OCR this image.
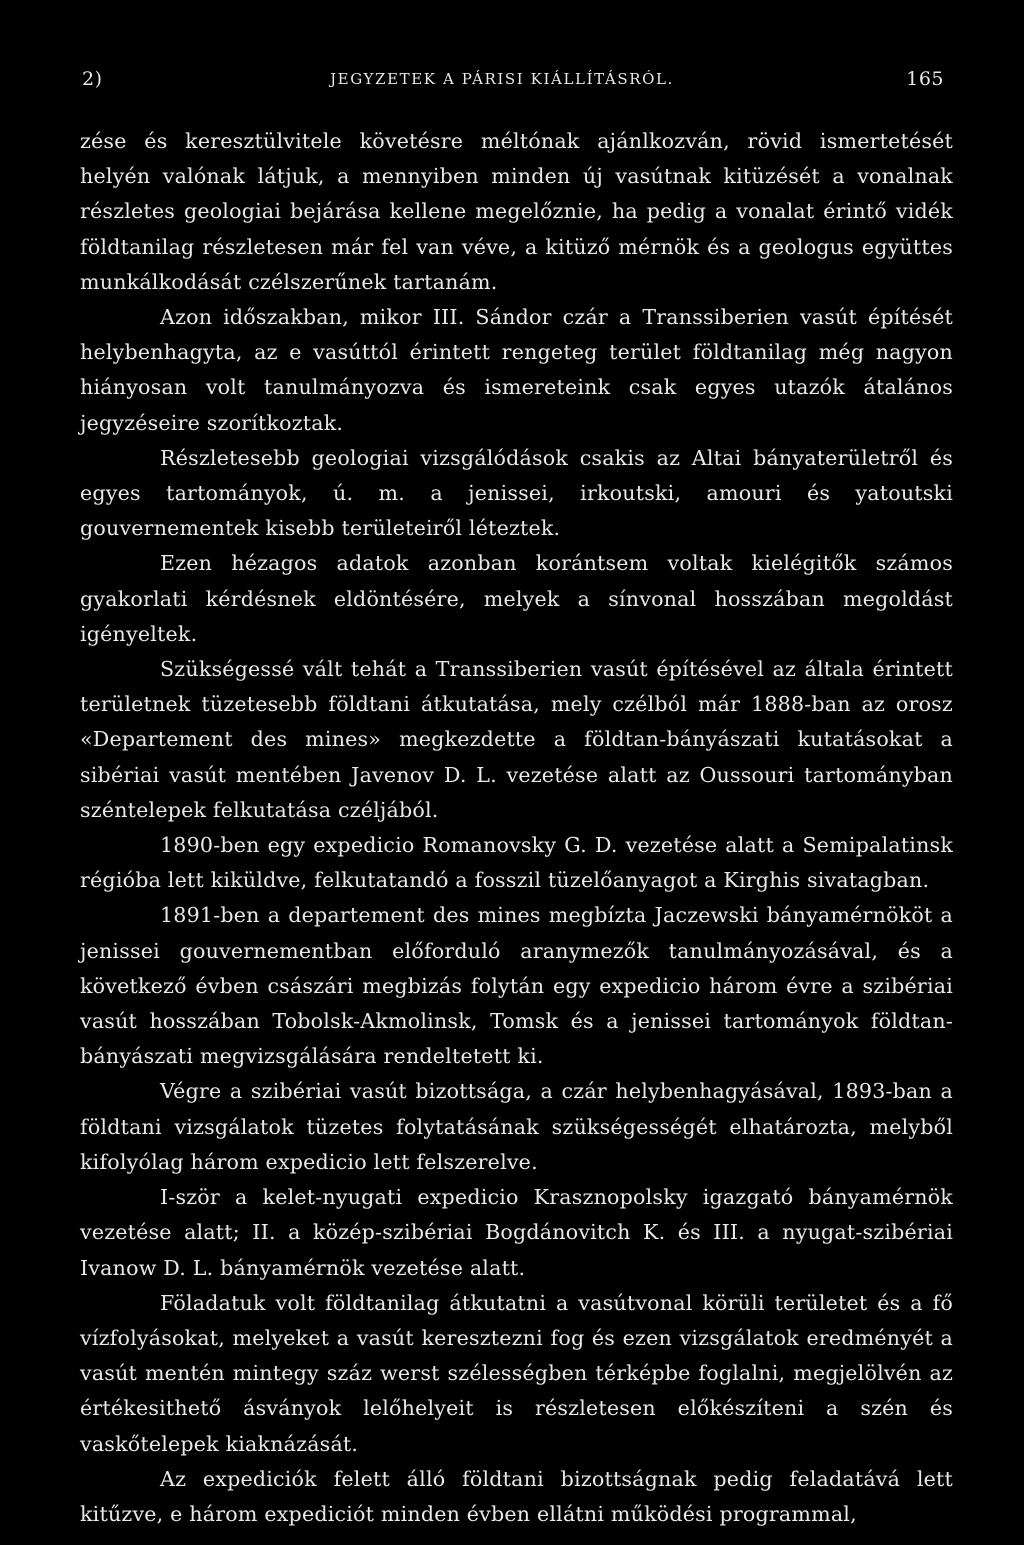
2)	JEGYZETEK A PÁRISI KIÁLLÍTÁSRÓL.	165

zése és keresztülvitele követésre méltónak ajánlkozván, rövid ismertetését helyén valónak látjuk, a mennyiben minden új vasútnak kitüzését a vonalnak részletes geologiai bejárása kellene megelőznie, ha pedig a vonalat érintő vidék földtanilag részletesen már fel van véve, a kitüző mérnök és a geologus együttes munkálkodását czélszerűnek tartanám.

Azon időszakban, mikor III. Sándor czár a Transsiberien vasút építését helybenhagyta, az e vasúttól érintett rengeteg terület földtanilag még nagyon hiányosan volt tanulmányozva és ismereteink csak egyes utazók átalános jegyzéseire szorítkoztak.

Részletesebb geologiai vizsgálódások csakis az Altai bányaterületről és egyes tartományok, ú. m. a jenissei, irkoutski, amouri és yatoutski gouvernementek kisebb területeiről léteztek.

Ezen hézagos adatok azonban korántsem voltak kielégitők számos gyakorlati kérdésnek eldöntésére, melyek a sínvonal hosszában megoldást igényeltek.

Szükségessé vált tehát a Transsiberien vasút építésével az általa érintett területnek tüzetesebb földtani átkutatása, mely czélból már 1888-ban az orosz «Departement des mines» megkezdette a földtan-bányászati kutatásokat a sibériai vasút mentében Javenov D. L. vezetése alatt az Oussouri tartományban széntelepek felkutatása czéljából.

1890-ben egy expedicio Romanovsky G. D. vezetése alatt a Semipalatinsk régióba lett kiküldve, felkutatandó a fosszil tüzelőanyagot a Kirghis sivatagban.

1891-ben a departement des mines megbízta Jaczewski bányamérnököt a jenissei gouvernementban előforduló aranymezők tanulmányozásával, és a következő évben császári megbizás folytán egy expedicio három évre a szibériai vasút hosszában Tobolsk-Akmolinsk, Tomsk és a jenissei tartományok földtan-bányászati megvizsgálására rendeltetett ki.

Végre a szibériai vasút bizottsága, a czár helybenhagyásával, 1893-ban a földtani vizsgálatok tüzetes folytatásának szükségességét elhatározta, melyből kifolyólag három expedicio lett felszerelve.

I-ször a kelet-nyugati expedicio Krasznopolsky igazgató bányamérnök vezetése alatt; II. a közép-szibériai Bogdánovitch K. és III. a nyugat-szibériai Ivanow D. L. bányamérnök vezetése alatt.

Föladatuk volt földtanilag átkutatni a vasútvonal körüli területet és a fő vízfolyásokat, melyeket a vasút keresztezni fog és ezen vizsgálatok eredményét a vasút mentén mintegy száz werst szélességben térképbe foglalni, megjelölvén az értékesithető ásványok lelőhelyeit is részletesen előkészíteni a szén és vaskőtelepek kiaknázását.

Az expediciók felett álló földtani bizottságnak pedig feladatává lett kitűzve, e három expediciót minden évben ellátni működési programmal,
